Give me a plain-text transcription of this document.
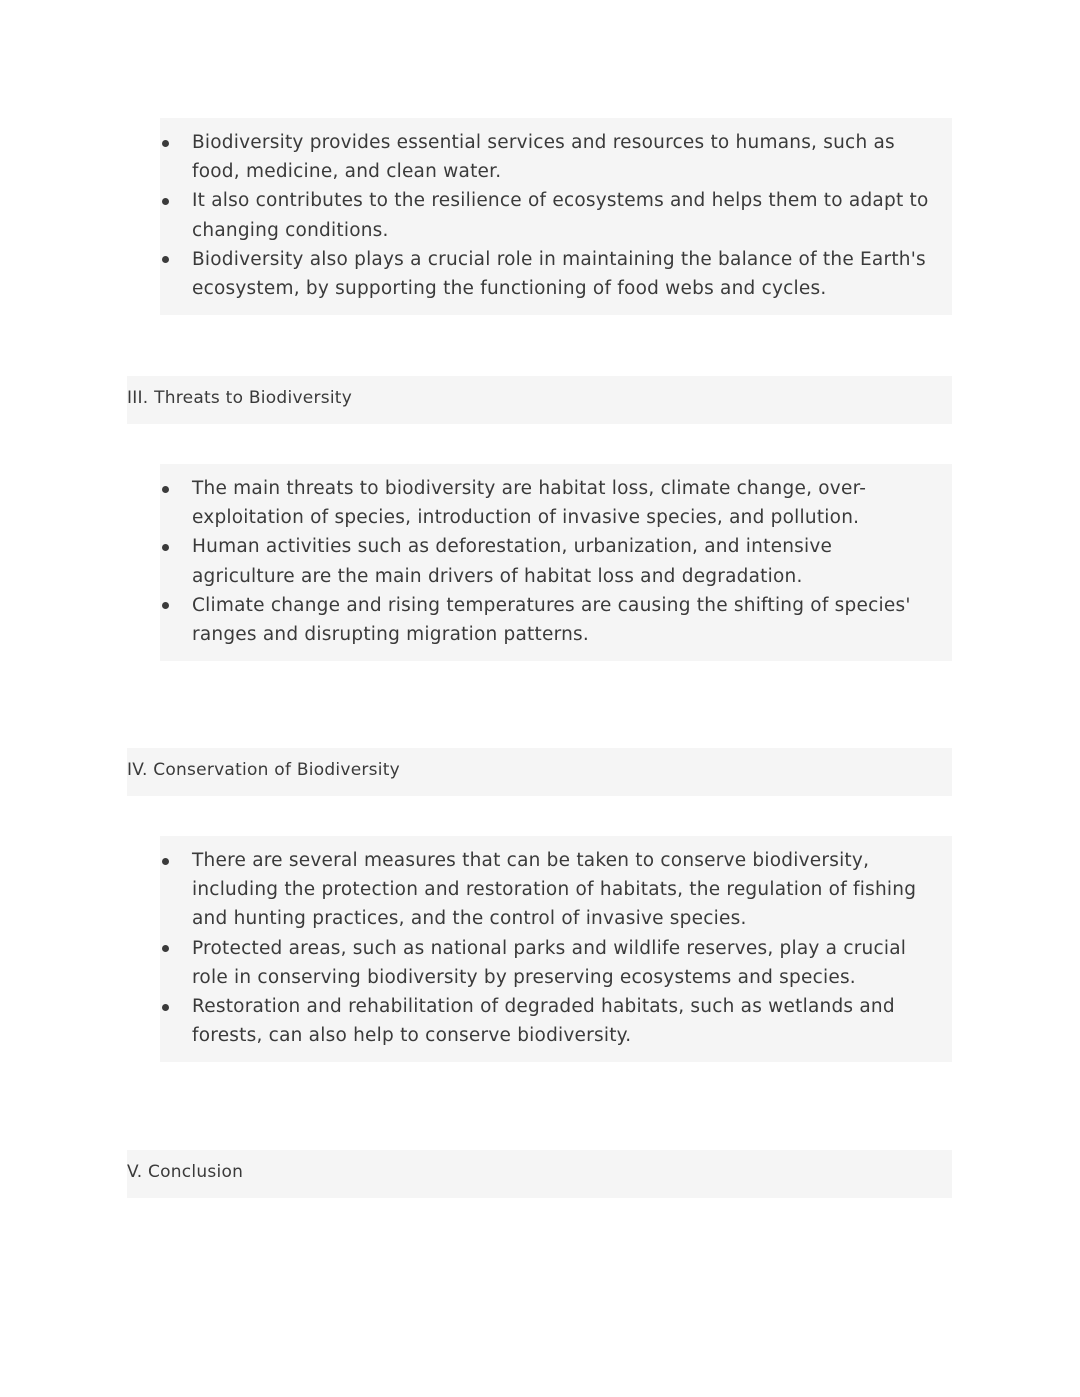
Biodiversity provides essential services and resources to humans, such as food, medicine, and clean water.
It also contributes to the resilience of ecosystems and helps them to adapt to changing conditions.
Biodiversity also plays a crucial role in maintaining the balance of the Earth's ecosystem, by supporting the functioning of food webs and cycles.
III. Threats to Biodiversity
The main threats to biodiversity are habitat loss, climate change, over-exploitation of species, introduction of invasive species, and pollution.
Human activities such as deforestation, urbanization, and intensive agriculture are the main drivers of habitat loss and degradation.
Climate change and rising temperatures are causing the shifting of species' ranges and disrupting migration patterns.
IV. Conservation of Biodiversity
There are several measures that can be taken to conserve biodiversity, including the protection and restoration of habitats, the regulation of fishing and hunting practices, and the control of invasive species.
Protected areas, such as national parks and wildlife reserves, play a crucial role in conserving biodiversity by preserving ecosystems and species.
Restoration and rehabilitation of degraded habitats, such as wetlands and forests, can also help to conserve biodiversity.
V. Conclusion
